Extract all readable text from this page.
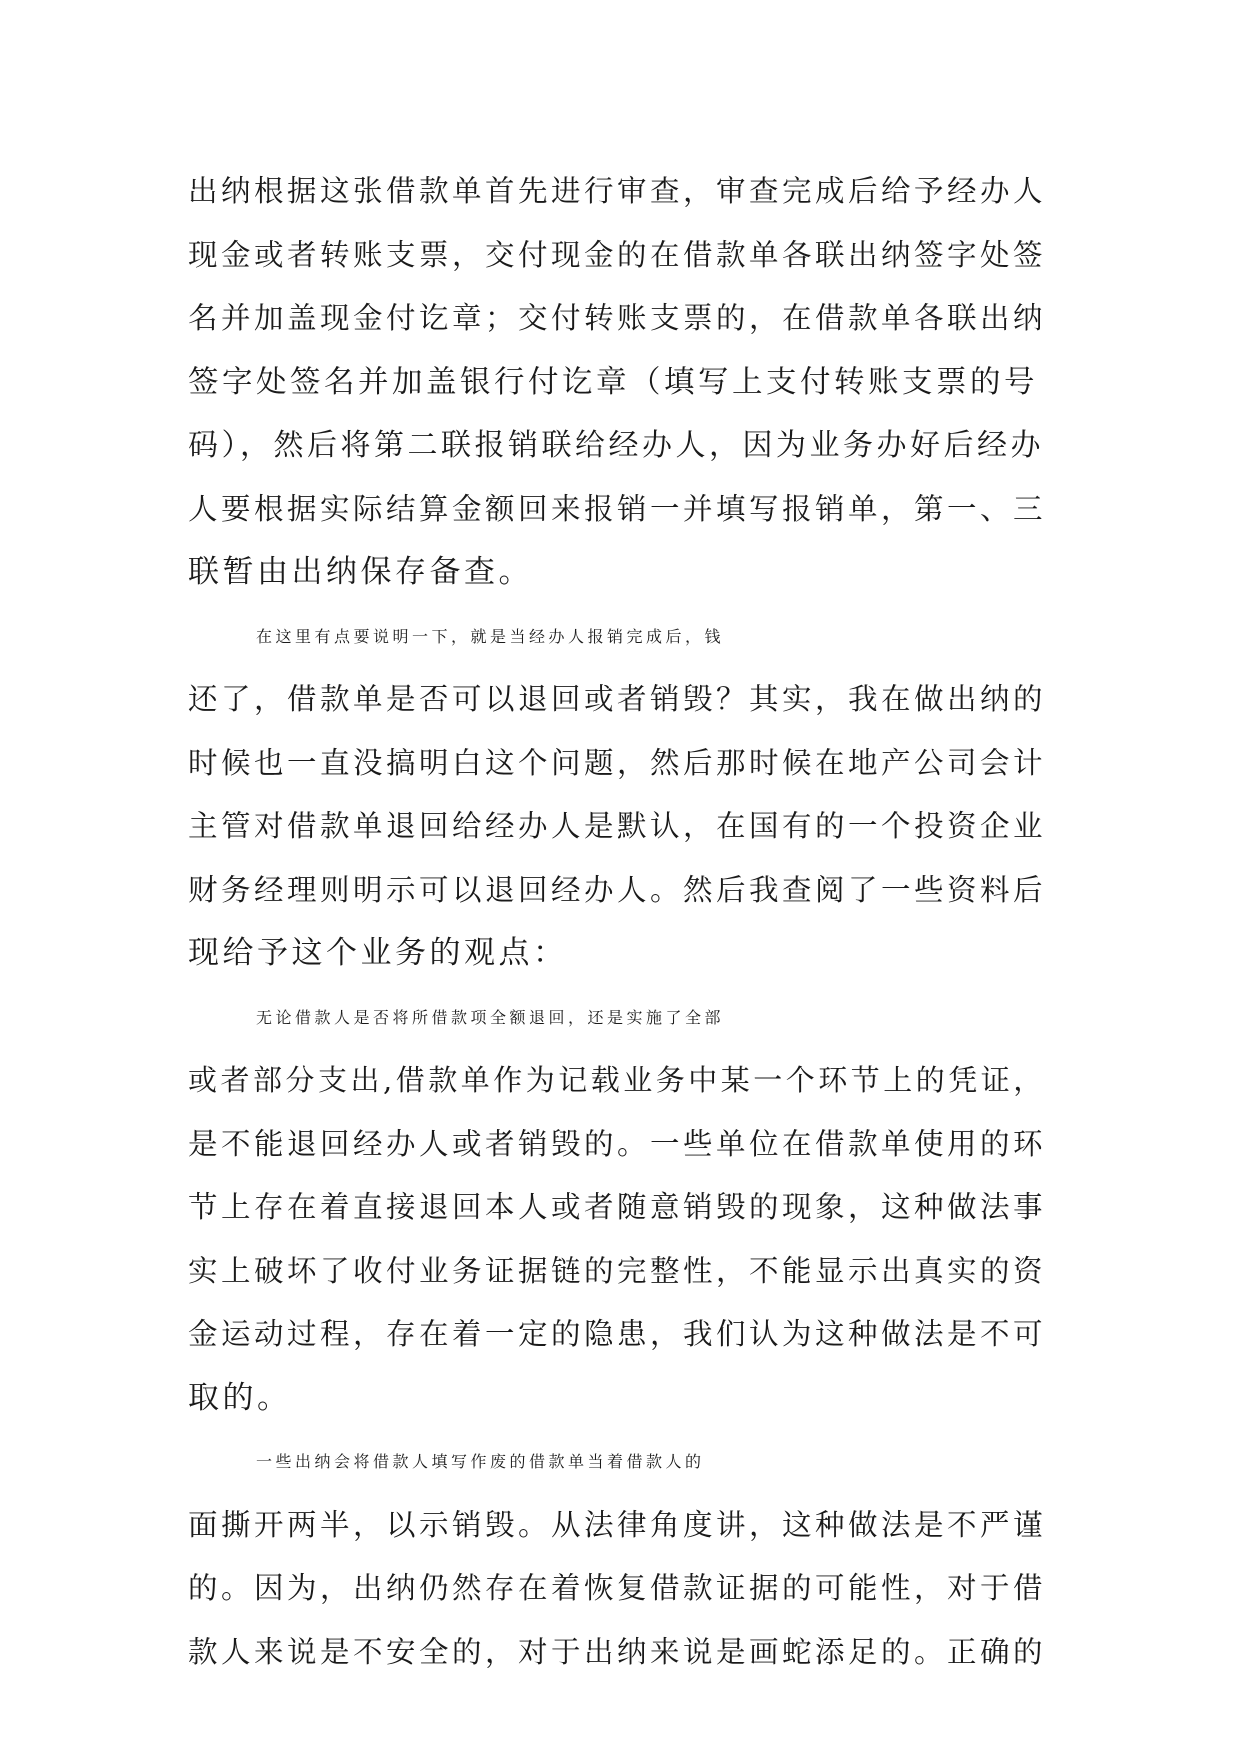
出纳根据这张借款单首先进行审查，审查完成后给予经办人
现金或者转账支票，交付现金的在借款单各联出纳签字处签
名并加盖现金付讫章；交付转账支票的，在借款单各联出纳
签字处签名并加盖银行付讫章（填写上支付转账支票的号
码），然后将第二联报销联给经办人，因为业务办好后经办
人要根据实际结算金额回来报销一并填写报销单，第一、三
联暂由出纳保存备查。
在这里有点要说明一下，就是当经办人报销完成后，钱
还了，借款单是否可以退回或者销毁？其实，我在做出纳的
时候也一直没搞明白这个问题，然后那时候在地产公司会计
主管对借款单退回给经办人是默认，在国有的一个投资企业
财务经理则明示可以退回经办人。然后我查阅了一些资料后
现给予这个业务的观点：
无论借款人是否将所借款项全额退回，还是实施了全部
或者部分支出,借款单作为记载业务中某一个环节上的凭证，
是不能退回经办人或者销毁的。一些单位在借款单使用的环
节上存在着直接退回本人或者随意销毁的现象，这种做法事
实上破坏了收付业务证据链的完整性，不能显示出真实的资
金运动过程，存在着一定的隐患，我们认为这种做法是不可
取的。
一些出纳会将借款人填写作废的借款单当着借款人的
面撕开两半，以示销毁。从法律角度讲，这种做法是不严谨
的。因为，出纳仍然存在着恢复借款证据的可能性，对于借
款人来说是不安全的，对于出纳来说是画蛇添足的。正确的
